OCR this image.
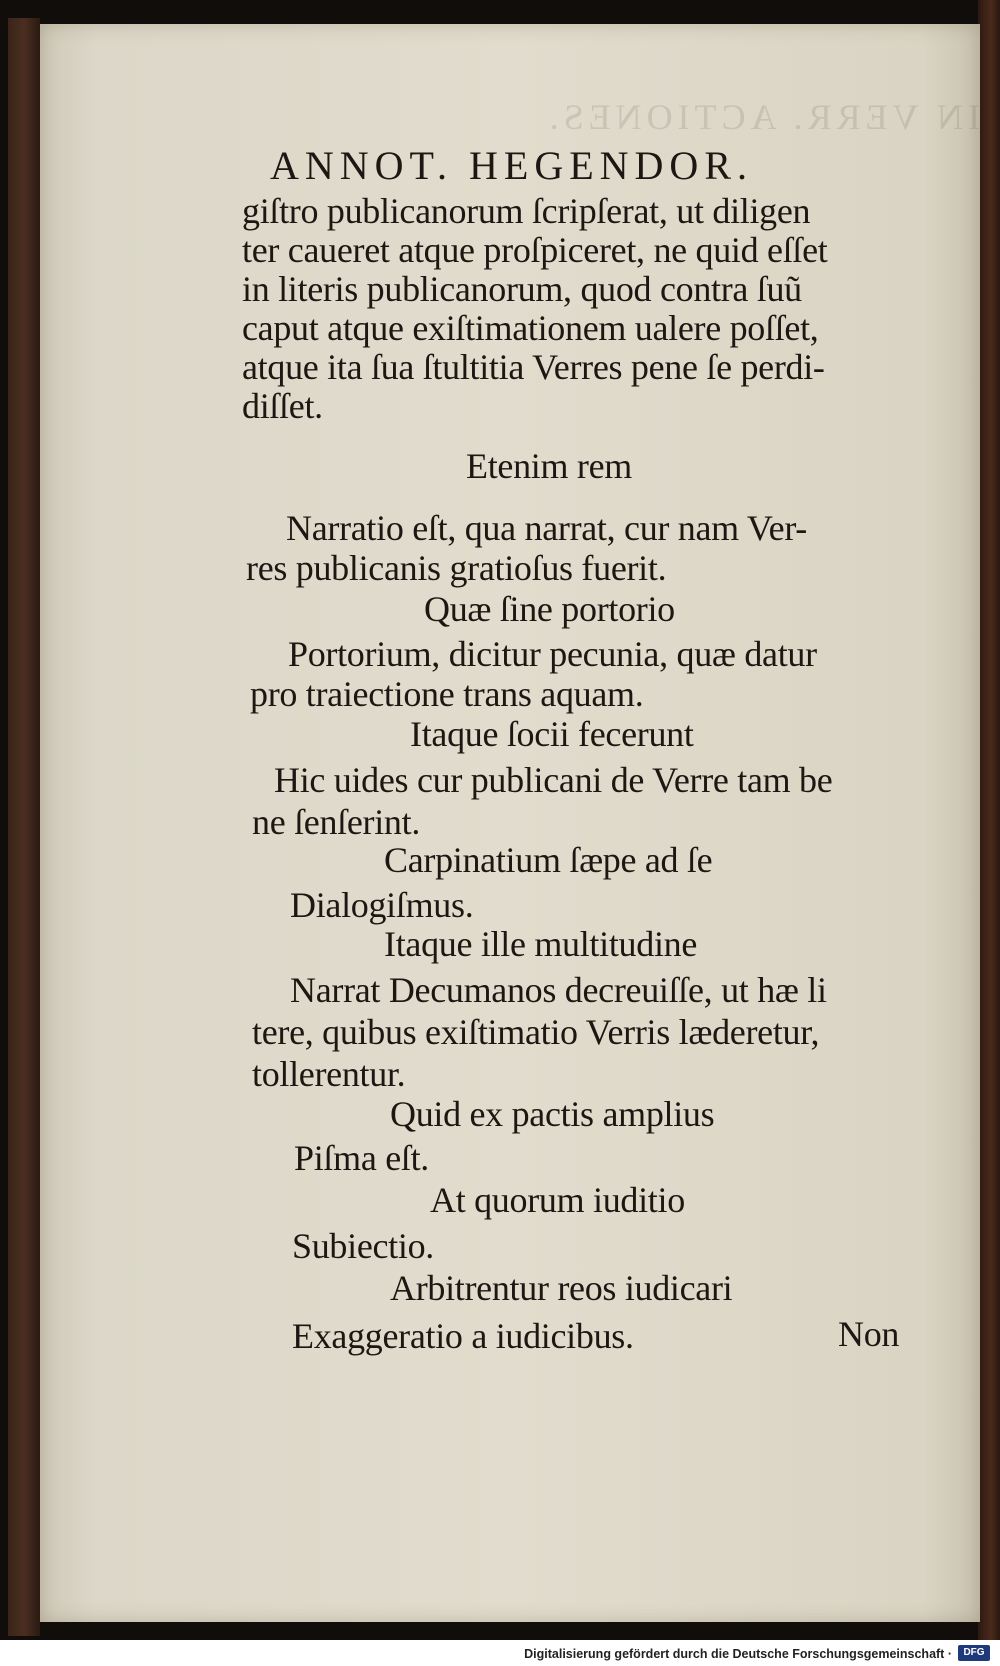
IN VERR. ACTIONES.
ANNOT. HEGENDOR.

giſtro publicanorum ſcripſerat, ut diligen

ter caueret atque proſpiceret, ne quid eſſet

in literis publicanorum, quod contra ſuũ

caput atque exiſtimationem ualere poſſet,

atque ita ſua ſtultitia Verres pene ſe perdi-

diſſet.

Etenim rem

Narratio eſt, qua narrat, cur nam Ver-

res publicanis gratioſus fuerit.

Quæ ſine portorio

Portorium, dicitur pecunia, quæ datur

pro traiectione trans aquam.

Itaque ſocii fecerunt

Hic uides cur publicani de Verre tam be

ne ſenſerint.

Carpinatium ſæpe ad ſe

Dialogiſmus.

Itaque ille multitudine

Narrat Decumanos decreuiſſe, ut hæ li

tere, quibus exiſtimatio Verris læderetur,

tollerentur.

Quid ex pactis amplius

Piſma eſt.

At quorum iuditio

Subiectio.

Arbitrentur reos iudicari

Exaggeratio a iudicibus.	Non

Digitalisierung gefördert durch die Deutsche Forschungsgemeinschaft ·	DFG
